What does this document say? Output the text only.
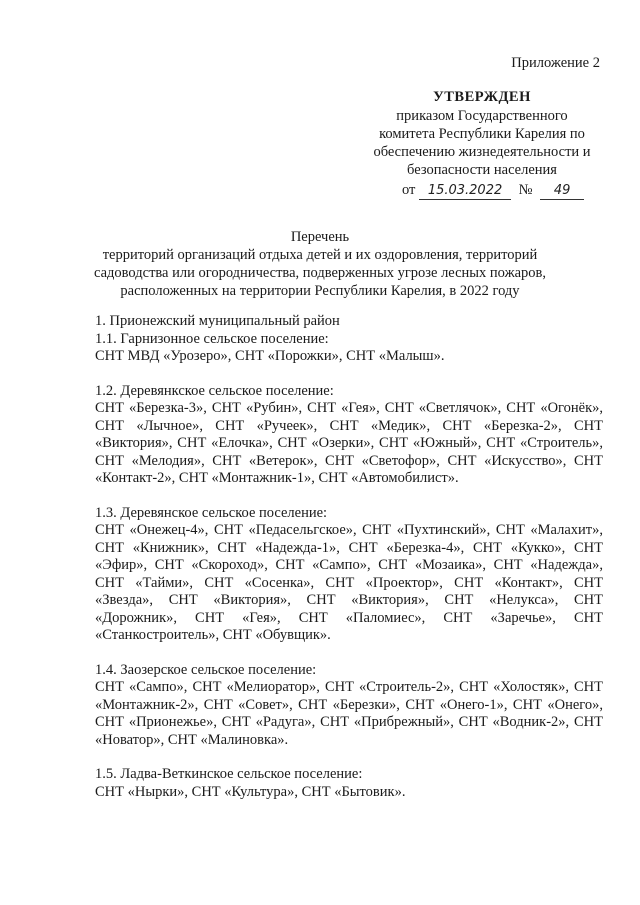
Приложение 2
УТВЕРЖДЕН
приказом Государственного
комитета Республики Карелия по
обеспечению жизнедеятельности и
безопасности населения
от 15.03.2022 № 49
Перечень
территорий организаций отдыха детей и их оздоровления, территорий
садоводства или огородничества, подверженных угрозе лесных пожаров,
расположенных на территории Республики Карелия, в 2022 году

1. Прионежский муниципальный район

1.1. Гарнизонное сельское поселение:

СНТ МВД «Урозеро», СНТ «Порожки», СНТ «Малыш».

1.2. Деревянкское сельское поселение:

СНТ «Березка-3», СНТ «Рубин», СНТ «Гея», СНТ «Светлячок», СНТ «Огонёк», СНТ «Лычное», СНТ «Ручеек», СНТ «Медик», СНТ «Березка-2», СНТ «Виктория», СНТ «Елочка», СНТ «Озерки», СНТ «Южный», СНТ «Строитель», СНТ «Мелодия», СНТ «Ветерок», СНТ «Светофор», СНТ «Искусство», СНТ «Контакт-2», СНТ «Монтажник-1», СНТ «Автомобилист».

1.3. Деревянское сельское поселение:

СНТ «Онежец-4», СНТ «Педасельгское», СНТ «Пухтинский», СНТ «Малахит», СНТ «Книжник», СНТ «Надежда-1», СНТ «Березка-4», СНТ «Кукко», СНТ «Эфир», СНТ «Скороход», СНТ «Сампо», СНТ «Мозаика», СНТ «Надежда», СНТ «Тайми», СНТ «Сосенка», СНТ «Проектор», СНТ «Контакт», СНТ «Звезда», СНТ «Виктория», СНТ «Виктория», СНТ «Нелукса», СНТ «Дорожник», СНТ «Гея», СНТ «Паломиес», СНТ «Заречье», СНТ «Станкостроитель», СНТ «Обувщик».

1.4. Заозерское сельское поселение:

СНТ «Сампо», СНТ «Мелиоратор», СНТ «Строитель-2», СНТ «Холостяк», СНТ «Монтажник-2», СНТ «Совет», СНТ «Березки», СНТ «Онего-1», СНТ «Онего», СНТ «Прионежье», СНТ «Радуга», СНТ «Прибрежный», СНТ «Водник-2», СНТ «Новатор», СНТ «Малиновка».

1.5. Ладва-Веткинское сельское поселение:

СНТ «Нырки», СНТ «Культура», СНТ «Бытовик».
